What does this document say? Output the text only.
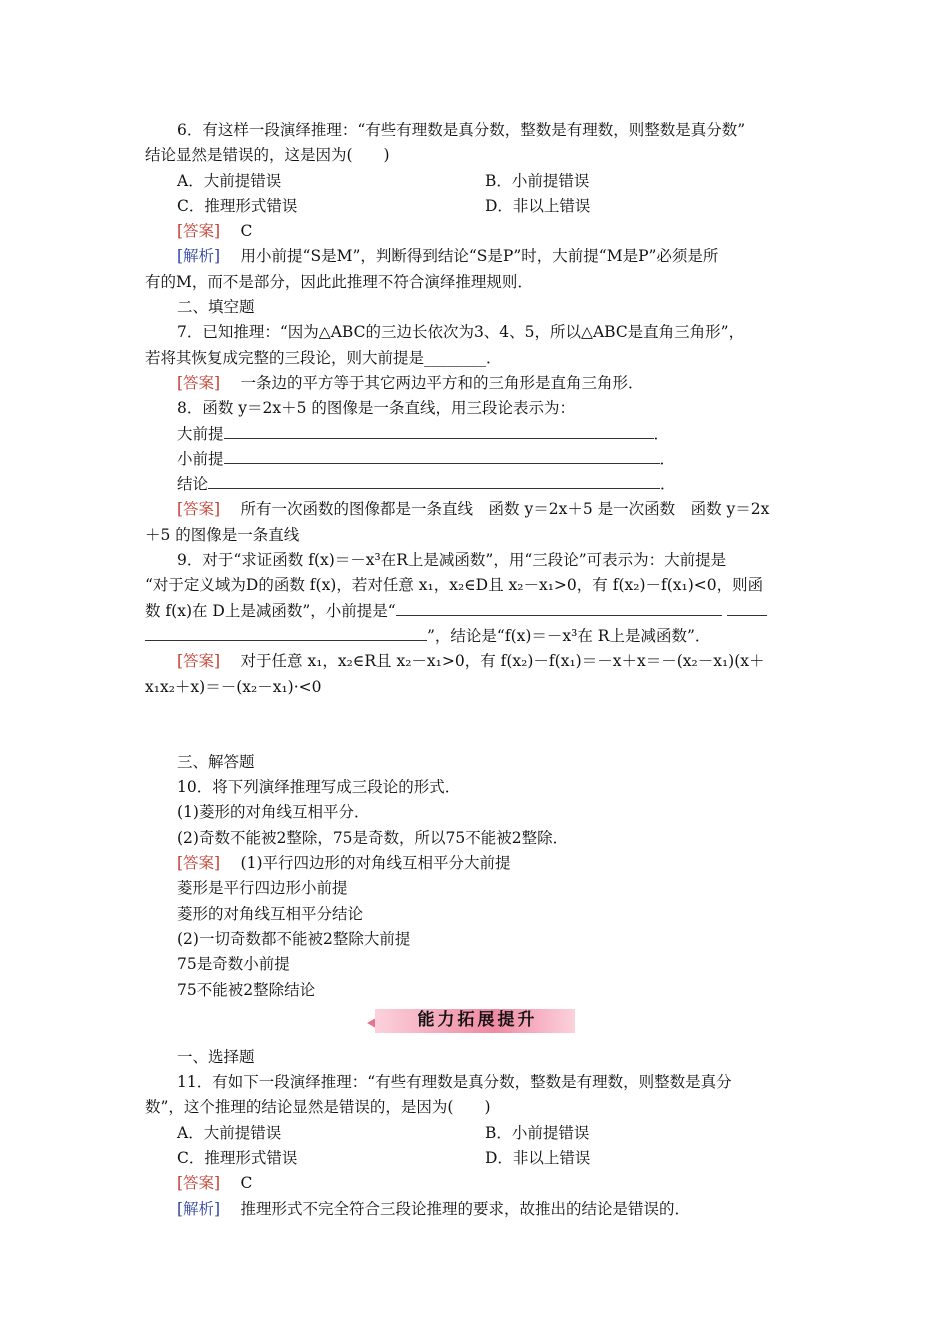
6．有这样一段演绎推理：“有些有理数是真分数，整数是有理数，则整数是真分数”
结论显然是错误的，这是因为(　　)
A．大前提错误	B．小前提错误
C．推理形式错误	D．非以上错误
[答案]　 C
[解析]　 用小前提“S是M”，判断得到结论“S是P”时，大前提“M是P”必须是所
有的M，而不是部分，因此此推理不符合演绎推理规则．
二、填空题
7．已知推理：“因为△ABC的三边长依次为3、4、5，所以△ABC是直角三角形”，
若将其恢复成完整的三段论，则大前提是________．
[答案]　 一条边的平方等于其它两边平方和的三角形是直角三角形．
8．函数 y＝2x＋5 的图像是一条直线，用三段论表示为：
大前提	．
小前提	．
结论	．
[答案]　 所有一次函数的图像都是一条直线　函数 y＝2x＋5 是一次函数　函数 y＝2x
＋5 的图像是一条直线
9．对于“求证函数 f(x)＝－x³在R上是减函数”，用“三段论”可表示为：大前提是
“对于定义域为D的函数 f(x)，若对任意 x₁，x₂∈D且 x₂－x₁>0，有 f(x₂)－f(x₁)<0，则函
数 f(x)在 D上是减函数”，小前提是“
”，结论是“f(x)＝－x³在 R上是减函数”．
[答案]　 对于任意 x₁，x₂∈R且 x₂－x₁>0，有 f(x₂)－f(x₁)＝－x＋x＝－(x₂－x₁)(x＋
x₁x₂＋x)＝－(x₂－x₁)·<0
三、解答题
10．将下列演绎推理写成三段论的形式．
(1)菱形的对角线互相平分．
(2)奇数不能被2整除，75是奇数，所以75不能被2整除．
[答案]　 (1)平行四边形的对角线互相平分大前提
菱形是平行四边形小前提
菱形的对角线互相平分结论
(2)一切奇数都不能被2整除大前提
75是奇数小前提
75不能被2整除结论
能力拓展提升
一、选择题
11．有如下一段演绎推理：“有些有理数是真分数，整数是有理数，则整数是真分
数”，这个推理的结论显然是错误的，是因为(　　)
A．大前提错误	B．小前提错误
C．推理形式错误	D．非以上错误
[答案]　 C
[解析]　 推理形式不完全符合三段论推理的要求，故推出的结论是错误的．
